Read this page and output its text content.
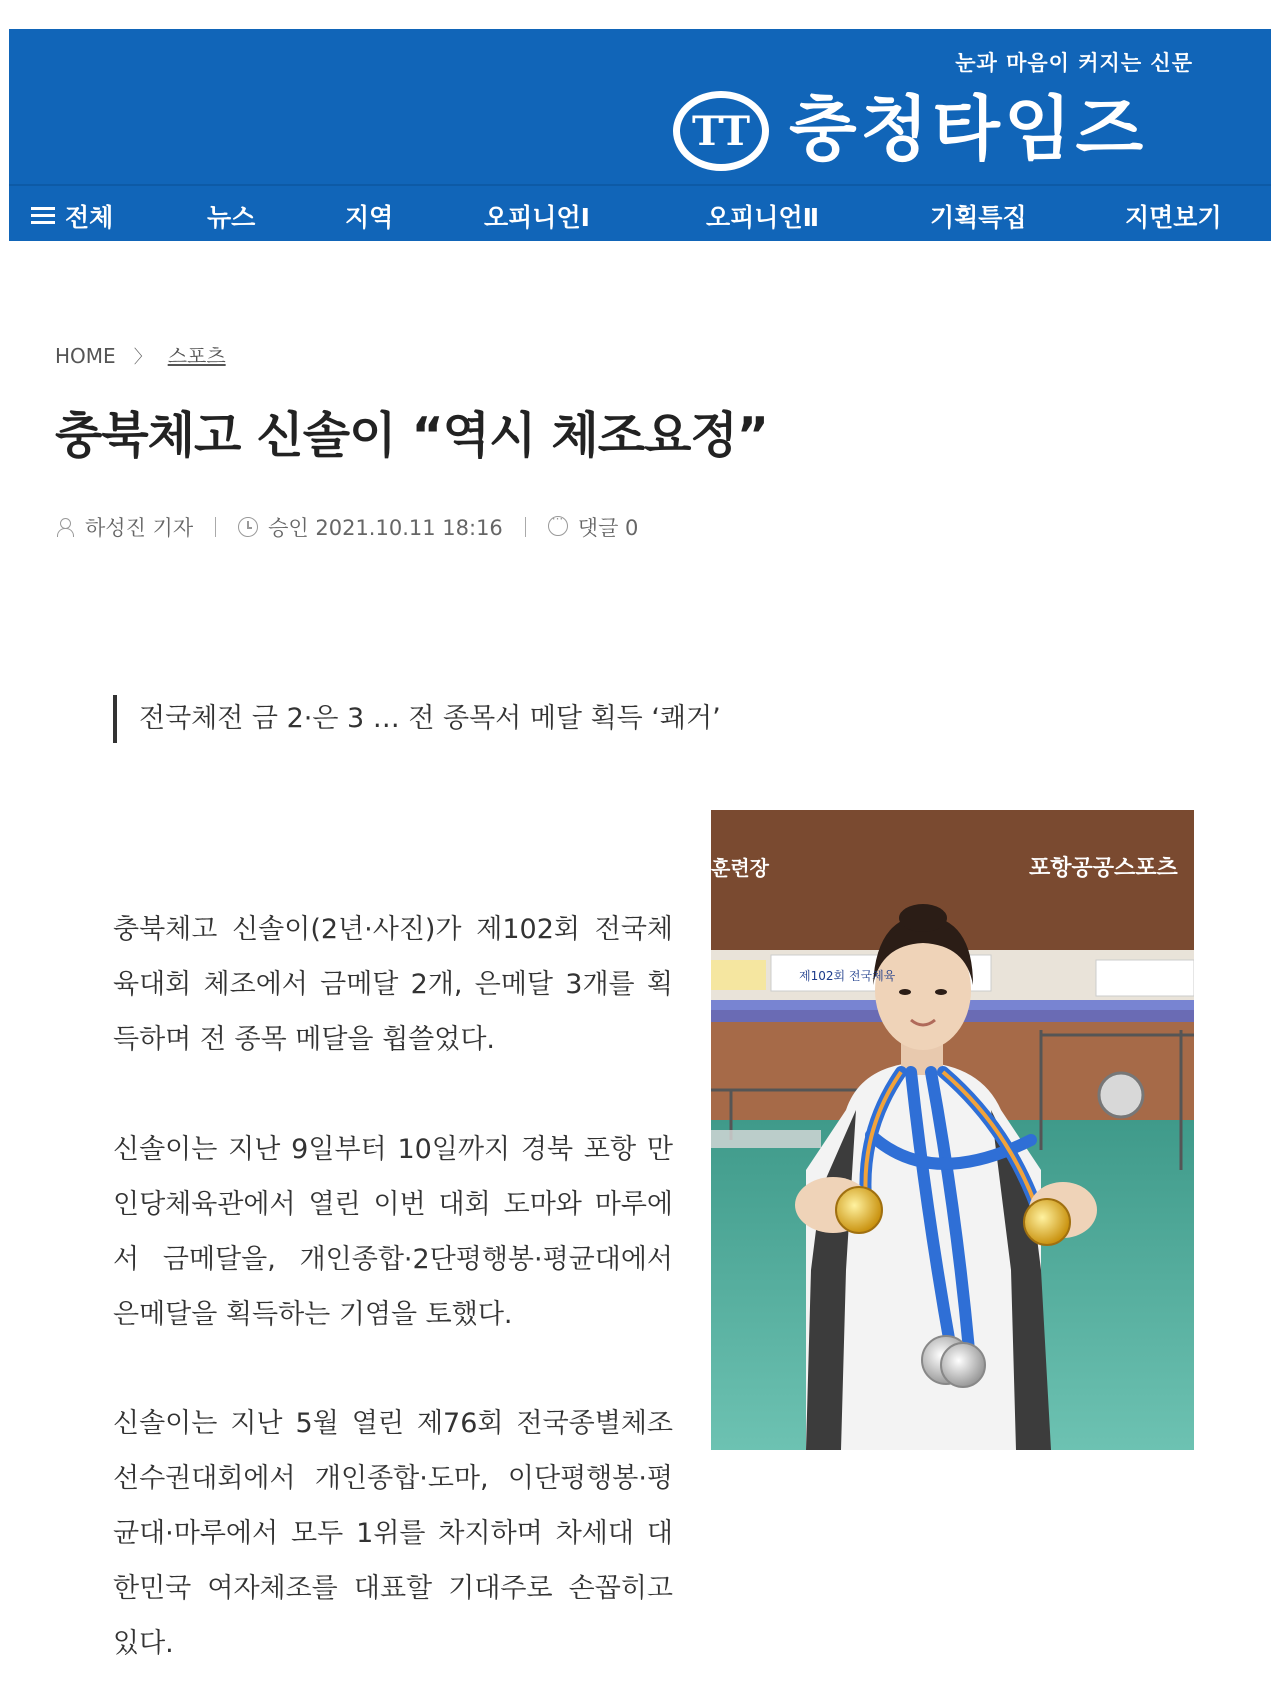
눈과 마음이 커지는 신문
TT 충청타임즈
전체	뉴스	지역	오피니언Ⅰ	오피니언Ⅱ	기획특집	지면보기
HOME 〉 스포츠
충북체고 신솔이 “역시 체조요정”
하성진 기자	승인 2021.10.11 18:16
···	댓글 0
전국체전 금 2·은 3 … 전 종목서 메달 획득 ‘쾌거’
훈련장	포항공공스포츠
제102회 전국체육

충북체고 신솔이(2년·사진)가 제102회 전국체육대회 체조에서 금메달 2개, 은메달 3개를 획득하며 전 종목 메달을 휩쓸었다.

신솔이는 지난 9일부터 10일까지 경북 포항 만인당체육관에서 열린 이번 대회 도마와 마루에서 금메달을, 개인종합·2단평행봉·평균대에서 은메달을 획득하는 기염을 토했다.

신솔이는 지난 5월 열린 제76회 전국종별체조선수권대회에서 개인종합·도마, 이단평행봉·평균대·마루에서 모두 1위를 차지하며 차세대 대한민국 여자체조를 대표할 기대주로 손꼽히고 있다.
